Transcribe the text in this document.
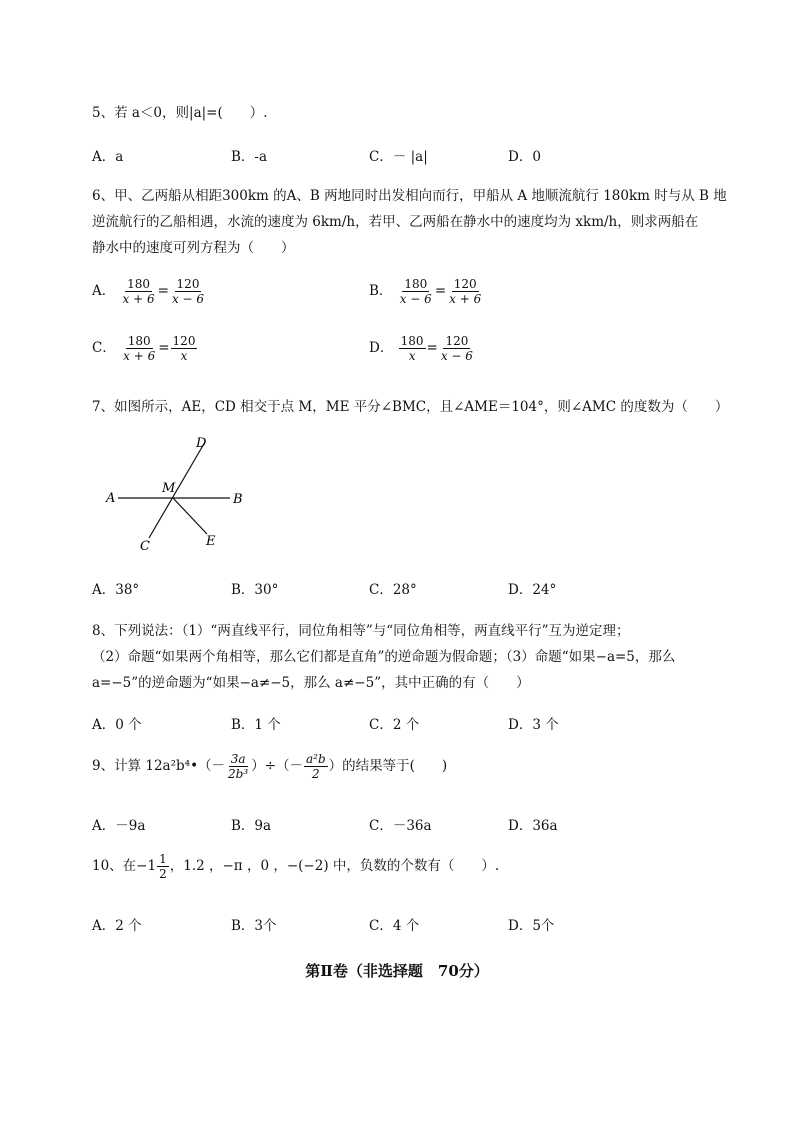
5、若 a＜0，则|a|=(　　）.
A．a	B．-a	C．－ |a|	D．0
6、甲、乙两船从相距300km 的A、B 两地同时出发相向而行，甲船从 A 地顺流航行 180km 时与从 B 地
逆流航行的乙船相遇，水流的速度为 6km/h，若甲、乙两船在静水中的速度均为 xkm/h，则求两船在
静水中的速度可列方程为（　　）
A． $\frac{180}{x + 6} = \frac{120}{x - 6}$	B． $\frac{180}{x - 6} = \frac{120}{x + 6}$
C． $\frac{180}{x + 6} = \frac{120}{x}$	D． $\frac{180}{x} = \frac{120}{x - 6}$
7、如图所示，AE，CD 相交于点 M，ME 平分∠BMC，且∠AME＝104°，则∠AMC 的度数为（　　）
D
A
M
B
C	E
A．38°	B．30°	C．28°	D．24°
8、下列说法：（1）“两直线平行，同位角相等”与“同位角相等，两直线平行”互为逆定理；
（2）命题“如果两个角相等，那么它们都是直角”的逆命题为假命题；（3）命题“如果−a=5，那么
a=−5”的逆命题为“如果−a≠−5，那么 a≠−5”，其中正确的有（　　）
A．0 个	B．1 个	C．2 个	D．3 个
9、计算 12a²b⁴•（－ $\frac{3a}{\text{2b³}}$ ）÷（－ $\frac{\text{a²b}}{2}$ ）的结果等于(　　)
A．－9a	B．9a	C．－36a	D．36a
10、在$-1 \frac{1}{2}$ ，1.2 ，−π ，0 ，−(−2) 中，负数的个数有（　　）.
A．2 个	B．3个	C．4 个	D．5个
第Ⅱ卷（非选择题　70分）
